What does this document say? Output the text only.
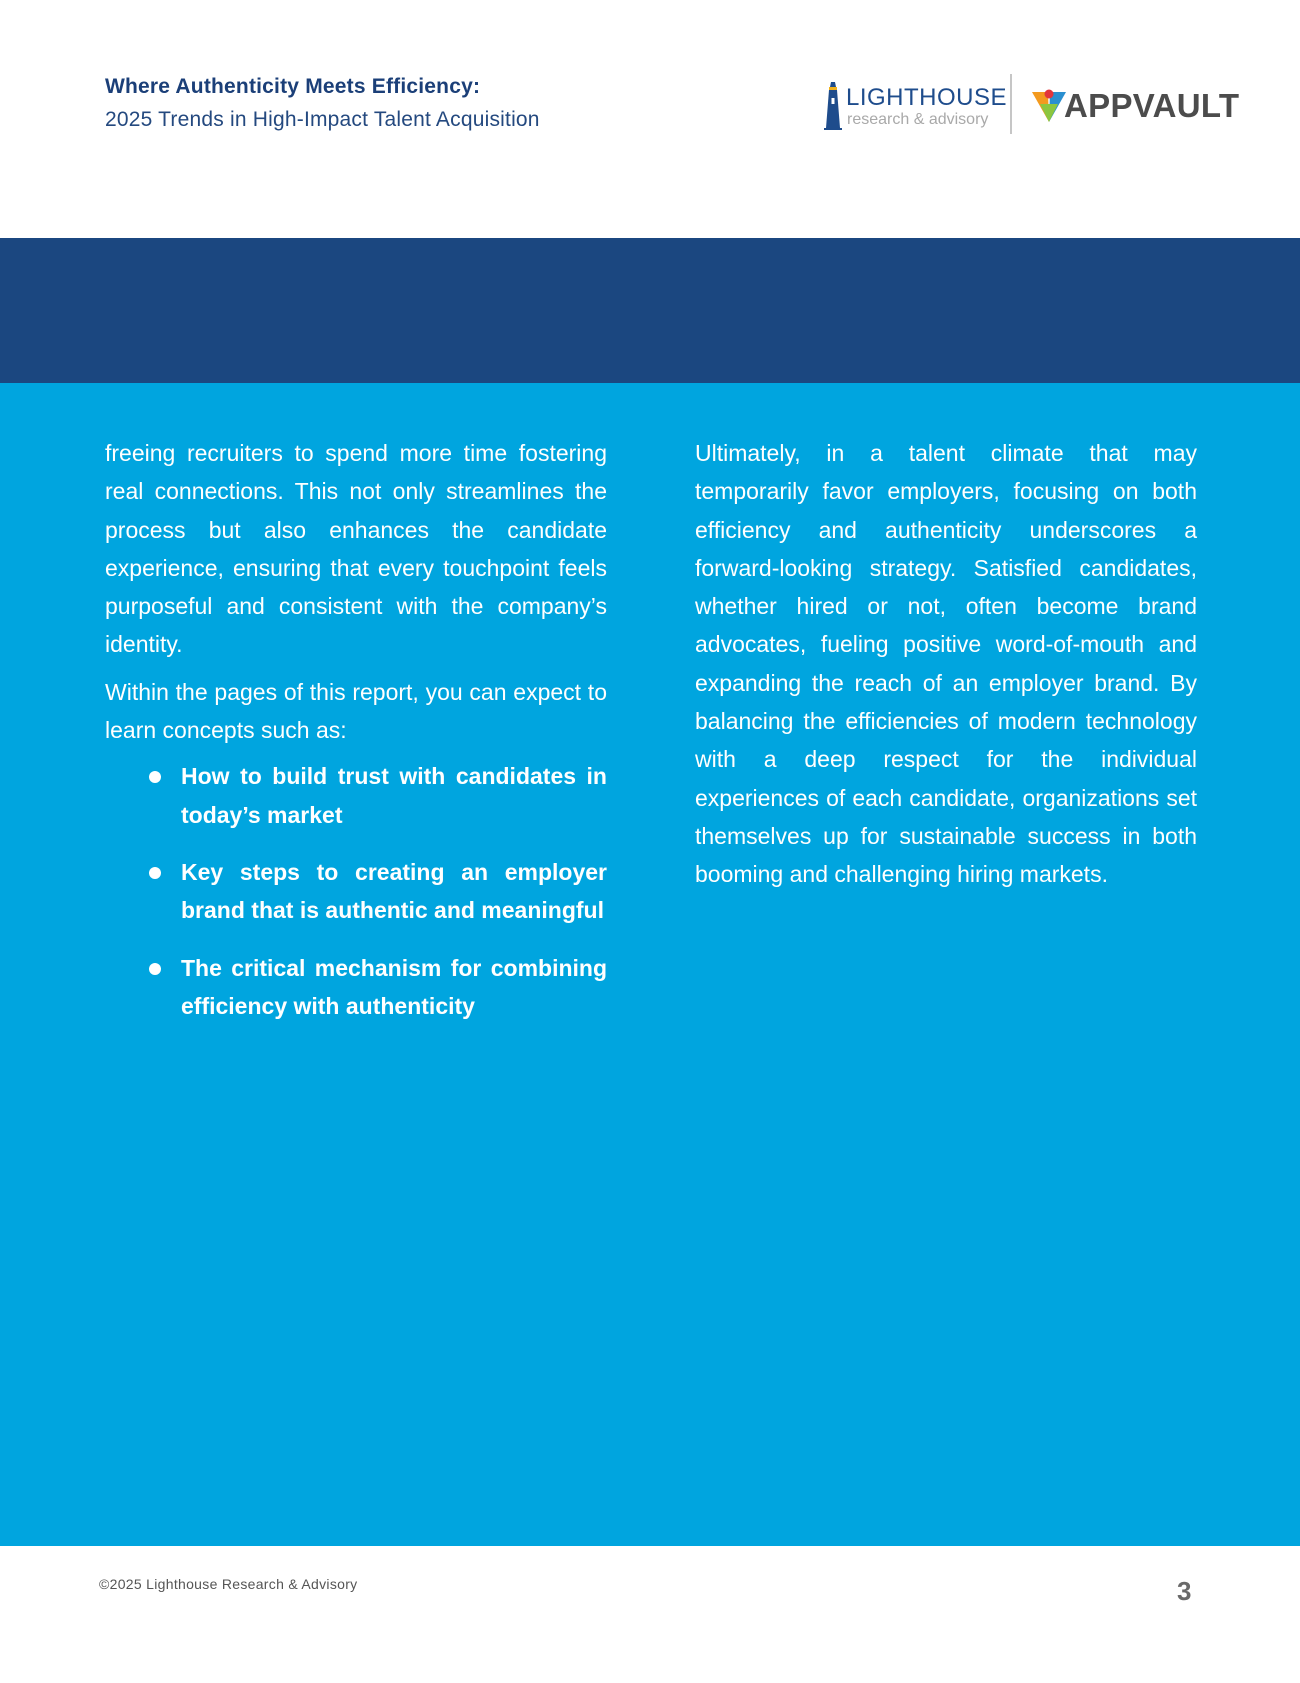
Where Authenticity Meets Efficiency:
2025 Trends in High-Impact Talent Acquisition
LIGHTHOUSE
research & advisory APPVAULT

freeing recruiters to spend more time fostering real connections. This not only streamlines the process but also enhances the candidate experience, ensuring that every touchpoint feels purposeful and consistent with the company’s identity.

Within the pages of this report, you can expect to learn concepts such as:

How to build trust with candidates in today’s market
Key steps to creating an employer brand that is authentic and meaningful
The critical mechanism for combining efficiency with authenticity

Ultimately, in a talent climate that may temporarily favor employers, focusing on both efficiency and authenticity underscores a forward-looking strategy. Satisfied candidates, whether hired or not, often become brand advocates, fueling positive word-of-mouth and expanding the reach of an employer brand. By balancing the efficiencies of modern technology with a deep respect for the individual experiences of each candidate, organizations set themselves up for sustainable success in both booming and challenging hiring markets.

©2025 Lighthouse Research & Advisory	3
